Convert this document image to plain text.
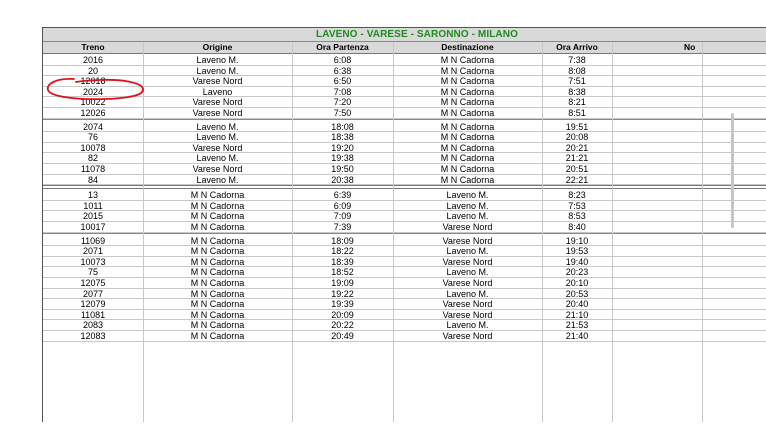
LAVENO - VARESE - SARONNO - MILANO
Treno	Origine	Ora Partenza	Destinazione	Ora Arrivo	No
2016	Laveno M.	6:08	M N Cadorna	7:38
20	Laveno M.	6:38	M N Cadorna	8:08
12018	Varese Nord	6:50	M N Cadorna	7:51
2024	Laveno	7:08	M N Cadorna	8:38
10022	Varese Nord	7:20	M N Cadorna	8:21
12026	Varese Nord	7:50	M N Cadorna	8:51
2074	Laveno M.	18:08	M N Cadorna	19:51
76	Laveno M.	18:38	M N Cadorna	20:08
10078	Varese Nord	19:20	M N Cadorna	20:21
82	Laveno M.	19:38	M N Cadorna	21:21
11078	Varese Nord	19:50	M N Cadorna	20:51
84	Laveno M.	20:38	M N Cadorna	22:21
13	M N Cadorna	6:39	Laveno M.	8:23
1011	M N Cadorna	6:09	Laveno M.	7:53
2015	M N Cadorna	7:09	Laveno M.	8:53
10017	M N Cadorna	7:39	Varese Nord	8:40
11069	M N Cadorna	18:09	Varese Nord	19:10
2071	M N Cadorna	18:22	Laveno M.	19:53
10073	M N Cadorna	18:39	Varese Nord	19:40
75	M N Cadorna	18:52	Laveno M.	20:23
12075	M N Cadorna	19:09	Varese Nord	20:10
2077	M N Cadorna	19:22	Laveno M.	20:53
12079	M N Cadorna	19:39	Varese Nord	20:40
11081	M N Cadorna	20:09	Varese Nord	21:10
2083	M N Cadorna	20:22	Laveno M.	21:53
12083	M N Cadorna	20:49	Varese Nord	21:40
